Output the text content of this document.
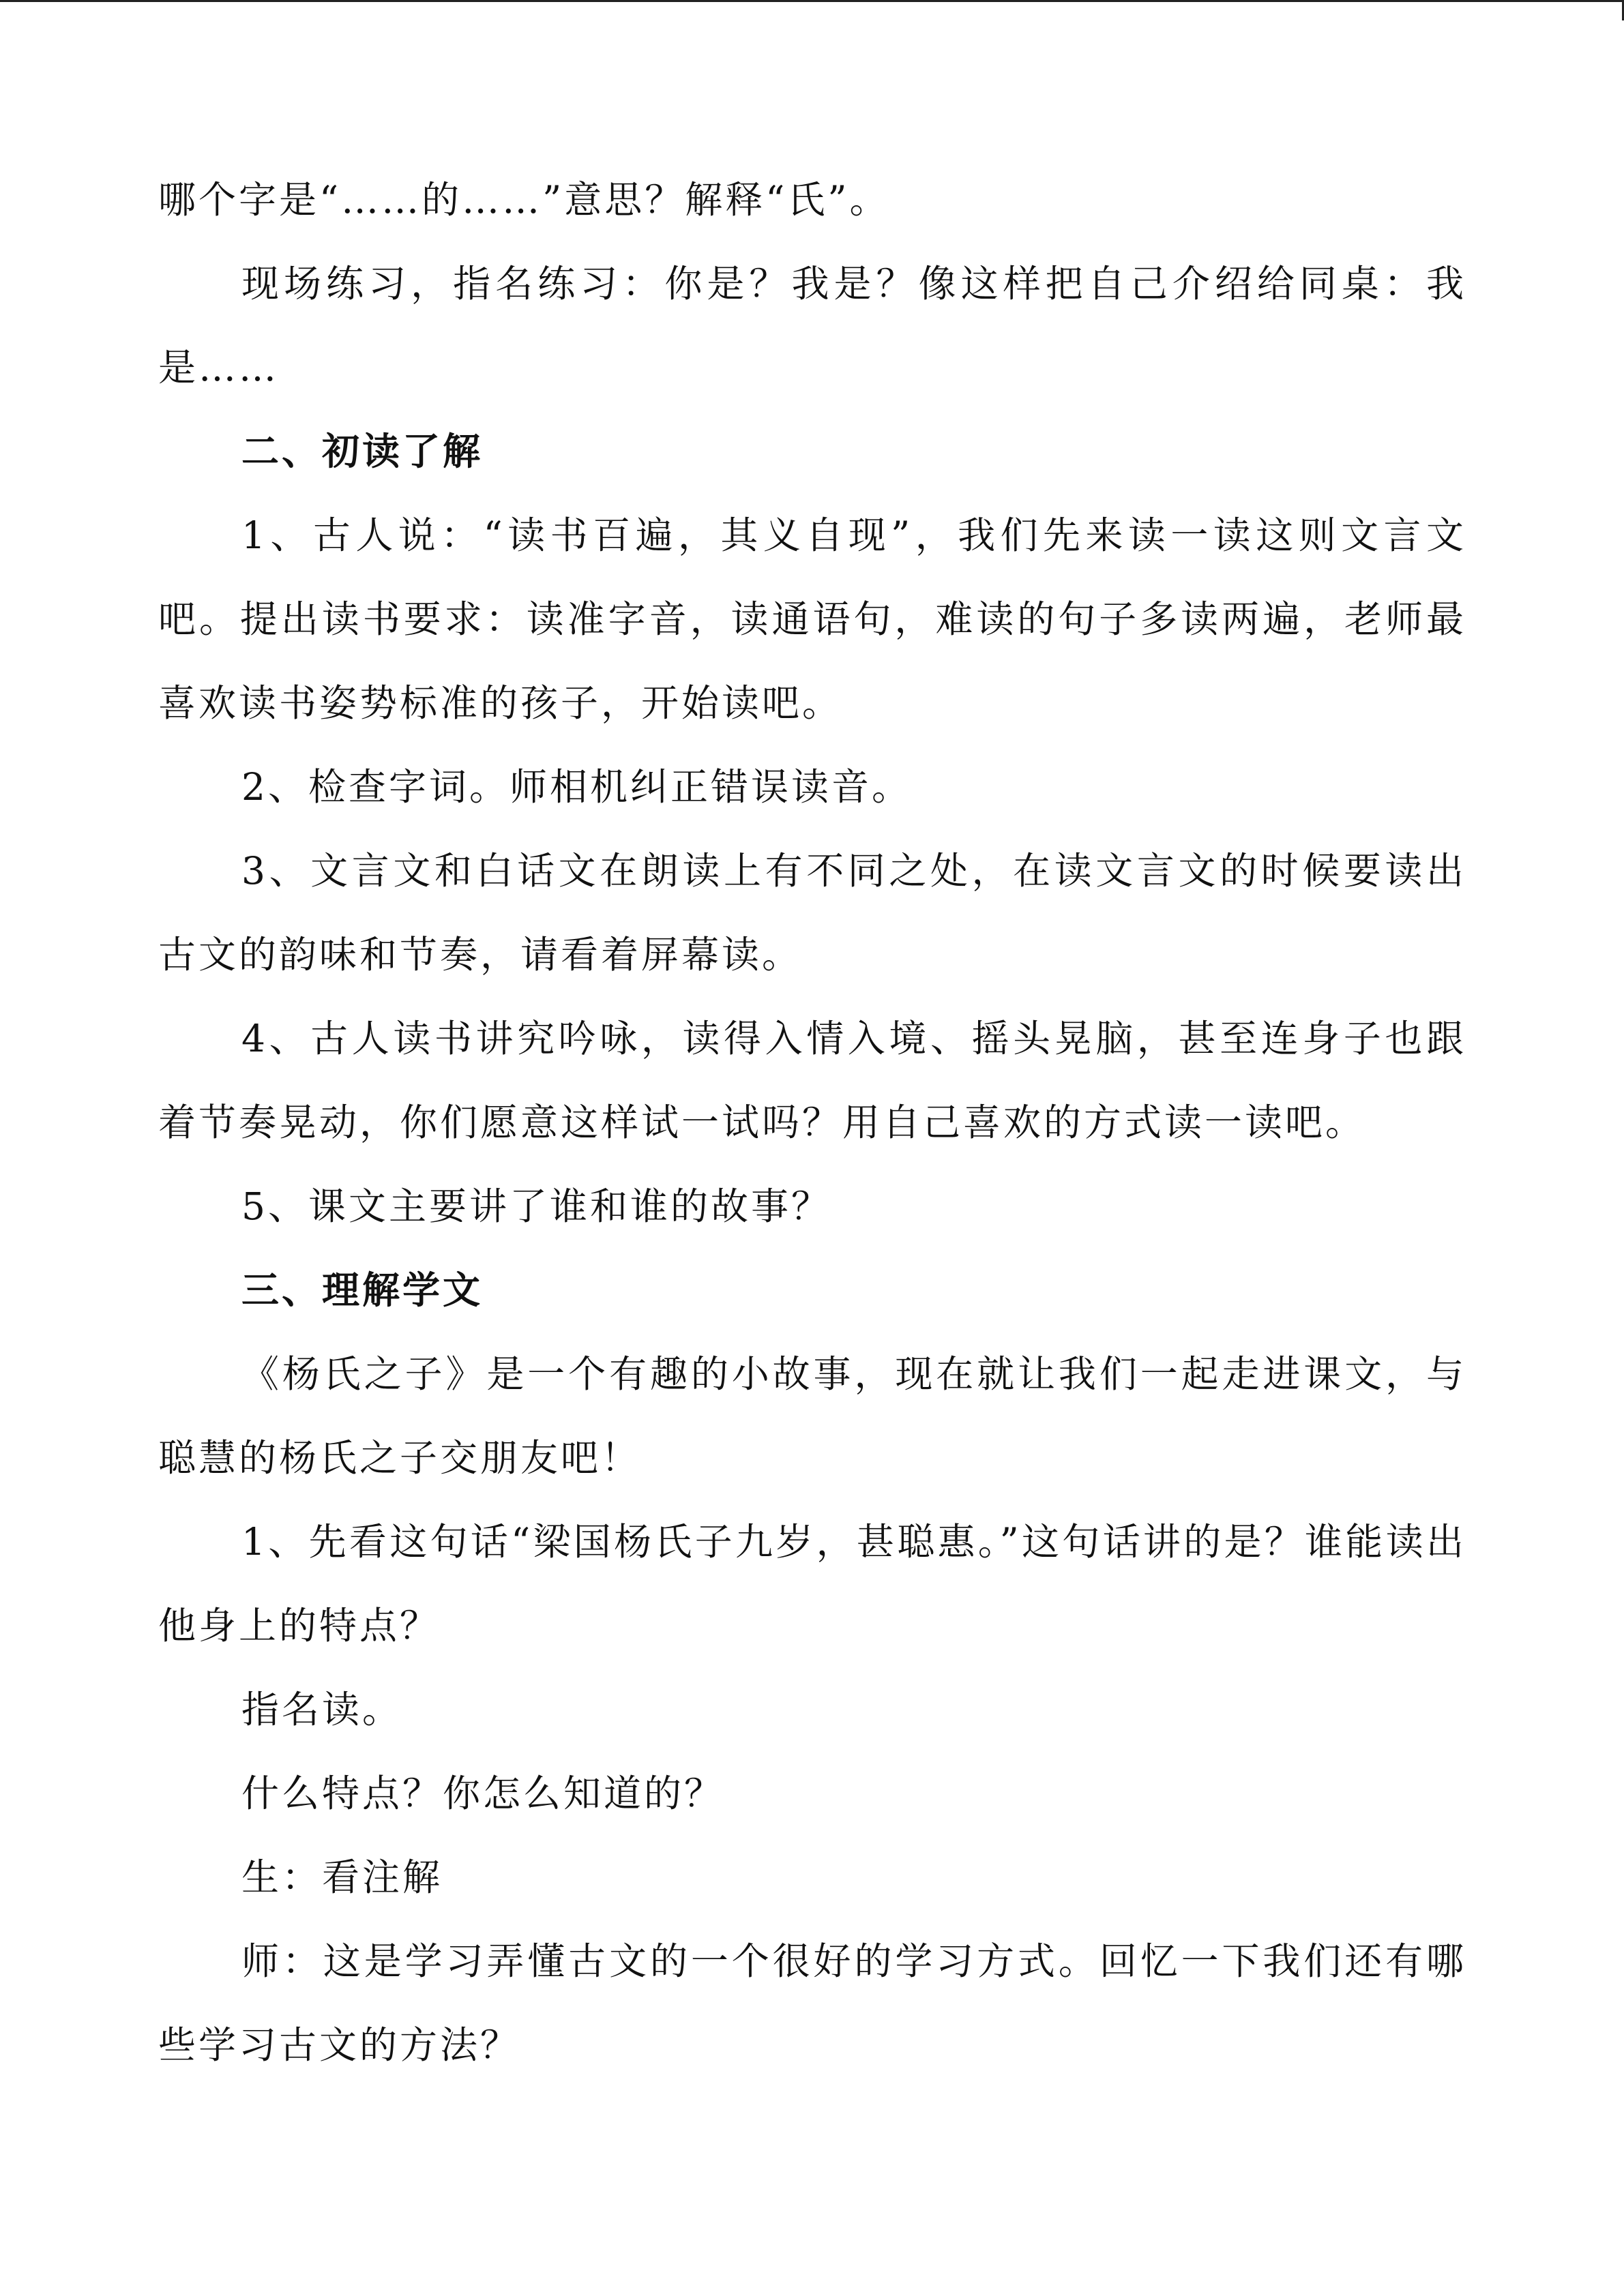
哪个字是“……的……”意思？解释“氏”。

现场练习，指名练习：你是？我是？像这样把自己介绍给同桌：我是……

二、初读了解

1、古人说：“读书百遍，其义自现”，我们先来读一读这则文言文吧。提出读书要求：读准字音，读通语句，难读的句子多读两遍，老师最喜欢读书姿势标准的孩子，开始读吧。

2、检查字词。师相机纠正错误读音。

3、文言文和白话文在朗读上有不同之处，在读文言文的时候要读出古文的韵味和节奏，请看着屏幕读。

4、古人读书讲究吟咏，读得入情入境、摇头晃脑，甚至连身子也跟着节奏晃动，你们愿意这样试一试吗？用自己喜欢的方式读一读吧。

5、课文主要讲了谁和谁的故事？

三、理解学文

《杨氏之子》是一个有趣的小故事，现在就让我们一起走进课文，与聪慧的杨氏之子交朋友吧！

1、先看这句话“梁国杨氏子九岁，甚聪惠。”这句话讲的是？谁能读出他身上的特点？

指名读。

什么特点？你怎么知道的？

生：看注解

师：这是学习弄懂古文的一个很好的学习方式。回忆一下我们还有哪些学习古文的方法？
